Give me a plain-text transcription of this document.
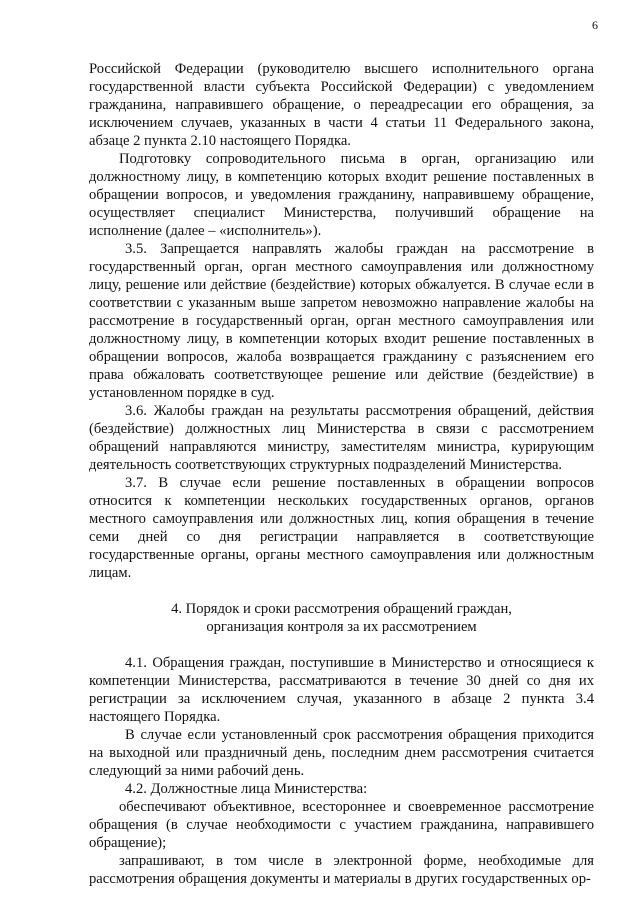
6

Российской Федерации (руководителю высшего исполнительного органа государственной власти субъекта Российской Федерации) с уведомлением гражданина, направившего обращение, о переадресации его обращения, за исключением случаев, указанных в части 4 статьи 11 Федерального закона, абзаце 2 пункта 2.10 настоящего Порядка.

Подготовку сопроводительного письма в орган, организацию или должностному лицу, в компетенцию которых входит решение поставленных в обращении вопросов, и уведомления гражданину, направившему обращение, осуществляет специалист Министерства, получивший обращение на исполнение (далее – «исполнитель»).

3.5. Запрещается направлять жалобы граждан на рассмотрение в государственный орган, орган местного самоуправления или должностному лицу, решение или действие (бездействие) которых обжалуется. В случае если в соответствии с указанным выше запретом невозможно направление жалобы на рассмотрение в государственный орган, орган местного самоуправления или должностному лицу, в компетенции которых входит решение поставленных в обращении вопросов, жалоба возвращается гражданину с разъяснением его права обжаловать соответствующее решение или действие (бездействие) в установленном порядке в суд.

3.6. Жалобы граждан на результаты рассмотрения обращений, действия (бездействие) должностных лиц Министерства в связи с рассмотрением обращений направляются министру, заместителям министра, курирующим деятельность соответствующих структурных подразделений Министерства.

3.7. В случае если решение поставленных в обращении вопросов относится к компетенции нескольких государственных органов, органов местного самоуправления или должностных лиц, копия обращения в течение семи дней со дня регистрации направляется в соответствующие государственные органы, органы местного самоуправления или должностным лицам.

4. Порядок и сроки рассмотрения обращений граждан,
организация контроля за их рассмотрением

4.1. Обращения граждан, поступившие в Министерство и относящиеся к компетенции Министерства, рассматриваются в течение 30 дней со дня их регистрации за исключением случая, указанного в абзаце 2 пункта 3.4 настоящего Порядка.

В случае если установленный срок рассмотрения обращения приходится на выходной или праздничный день, последним днем рассмотрения считается следующий за ними рабочий день.

4.2. Должностные лица Министерства:

обеспечивают объективное, всестороннее и своевременное рассмотрение обращения (в случае необходимости с участием гражданина, направившего обращение);

запрашивают, в том числе в электронной форме, необходимые для рассмотрения обращения документы и материалы в других государственных ор-
